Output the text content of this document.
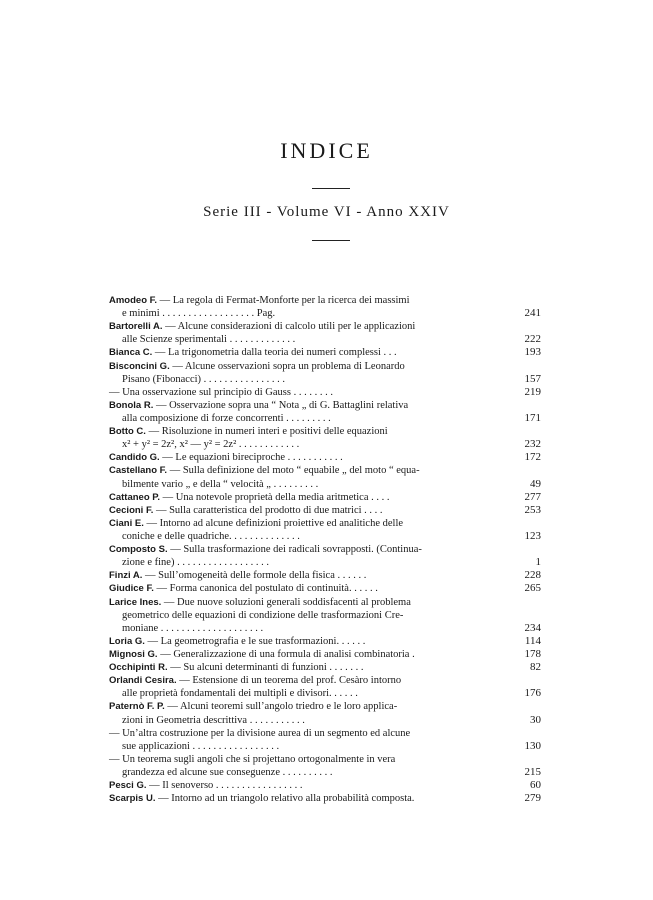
INDICE
Serie III - Volume VI - Anno XXIV
Amodeo F. — La regola di Fermat-Monforte per la ricerca dei massimi
e minimi . . . . . . . . . . . . . . . . . . Pag.	241
Bartorelli A. — Alcune considerazioni di calcolo utili per le applicazioni
alle Scienze sperimentali . . . . . . . . . . . . .	222
Bianca C. — La trigonometria dalla teoria dei numeri complessi . . .	193
Bisconcini G. — Alcune osservazioni sopra un problema di Leonardo
Pisano (Fibonacci) . . . . . . . . . . . . . . . .	157
— Una osservazione sul principio di Gauss . . . . . . . .	219
Bonola R. — Osservazione sopra una “ Nota „ di G. Battaglini relativa
alla composizione di forze concorrenti . . . . . . . . .	171
Botto C. — Risoluzione in numeri interi e positivi delle equazioni
x² + y² = 2z², x² — y² = 2z² . . . . . . . . . . . .	232
Candido G. — Le equazioni bireciproche . . . . . . . . . . .	172
Castellano F. — Sulla definizione del moto “ equabile „ del moto “ equa-
bilmente vario „ e della “ velocità „ . . . . . . . . .	49
Cattaneo P. — Una notevole proprietà della media aritmetica . . . .	277
Cecioni F. — Sulla caratteristica del prodotto di due matrici . . . .	253
Ciani E. — Intorno ad alcune definizioni proiettive ed analitiche delle
coniche e delle quadriche. . . . . . . . . . . . . .	123
Composto S. — Sulla trasformazione dei radicali sovrapposti. (Continua-
zione e fine) . . . . . . . . . . . . . . . . . .	1
Finzi A. — Sull’omogeneità delle formole della fisica . . . . . .	228
Giudice F. — Forma canonica del postulato di continuità. . . . . .	265
Larice Ines. — Due nuove soluzioni generali soddisfacenti al problema
geometrico delle equazioni di condizione delle trasformazioni Cre-
moniane . . . . . . . . . . . . . . . . . . . .	234
Loria G. — La geometrografia e le sue trasformazioni. . . . . .	114
Mignosi G. — Generalizzazione di una formula di analisi combinatoria .	178
Occhipinti R. — Su alcuni determinanti di funzioni . . . . . . .	82
Orlandi Cesira. — Estensione di un teorema del prof. Cesàro intorno
alle proprietà fondamentali dei multipli e divisori. . . . . .	176
Paternò F. P. — Alcuni teoremi sull’angolo triedro e le loro applica-
zioni in Geometria descrittiva . . . . . . . . . . .	30
— Un’altra costruzione per la divisione aurea di un segmento ed alcune
sue applicazioni . . . . . . . . . . . . . . . . .	130
— Un teorema sugli angoli che si projettano ortogonalmente in vera
grandezza ed alcune sue conseguenze . . . . . . . . . .	215
Pesci G. — Il senoverso . . . . . . . . . . . . . . . . .	60
Scarpis U. — Intorno ad un triangolo relativo alla probabilità composta.	279
